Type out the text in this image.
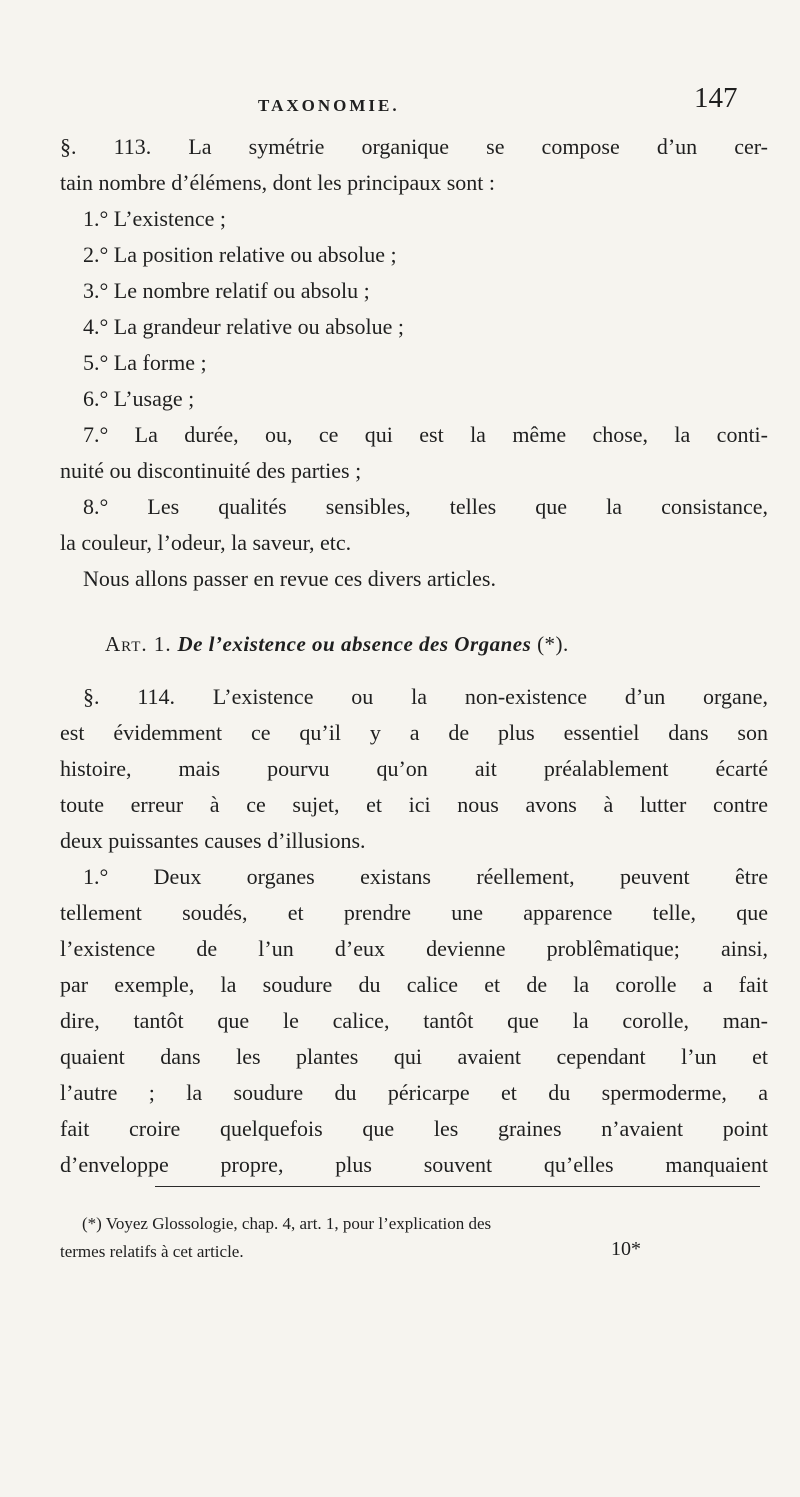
TAXONOMIE.	147
§. 113. La symétrie organique se compose d’un cer-
tain nombre d’élémens, dont les principaux sont :
1.° L’existence ;
2.° La position relative ou absolue ;
3.° Le nombre relatif ou absolu ;
4.° La grandeur relative ou absolue ;
5.° La forme ;
6.° L’usage ;
7.° La durée, ou, ce qui est la même chose, la conti-
nuité ou discontinuité des parties ;
8.° Les qualités sensibles, telles que la consistance,
la couleur, l’odeur, la saveur, etc.
Nous allons passer en revue ces divers articles.
Art. 1. De l’existence ou absence des Organes (*).
§. 114. L’existence ou la non-existence d’un organe,
est évidemment ce qu’il y a de plus essentiel dans son
histoire, mais pourvu qu’on ait préalablement écarté
toute erreur à ce sujet, et ici nous avons à lutter contre
deux puissantes causes d’illusions.
1.° Deux organes existans réellement, peuvent être
tellement soudés, et prendre une apparence telle, que
l’existence de l’un d’eux devienne problêmatique; ainsi,
par exemple, la soudure du calice et de la corolle a fait
dire, tantôt que le calice, tantôt que la corolle, man-
quaient dans les plantes qui avaient cependant l’un et
l’autre ; la soudure du péricarpe et du spermoderme, a
fait croire quelquefois que les graines n’avaient point
d’enveloppe propre, plus souvent qu’elles manquaient
(*) Voyez Glossologie, chap. 4, art. 1, pour l’explication des
termes relatifs à cet article.	10*
